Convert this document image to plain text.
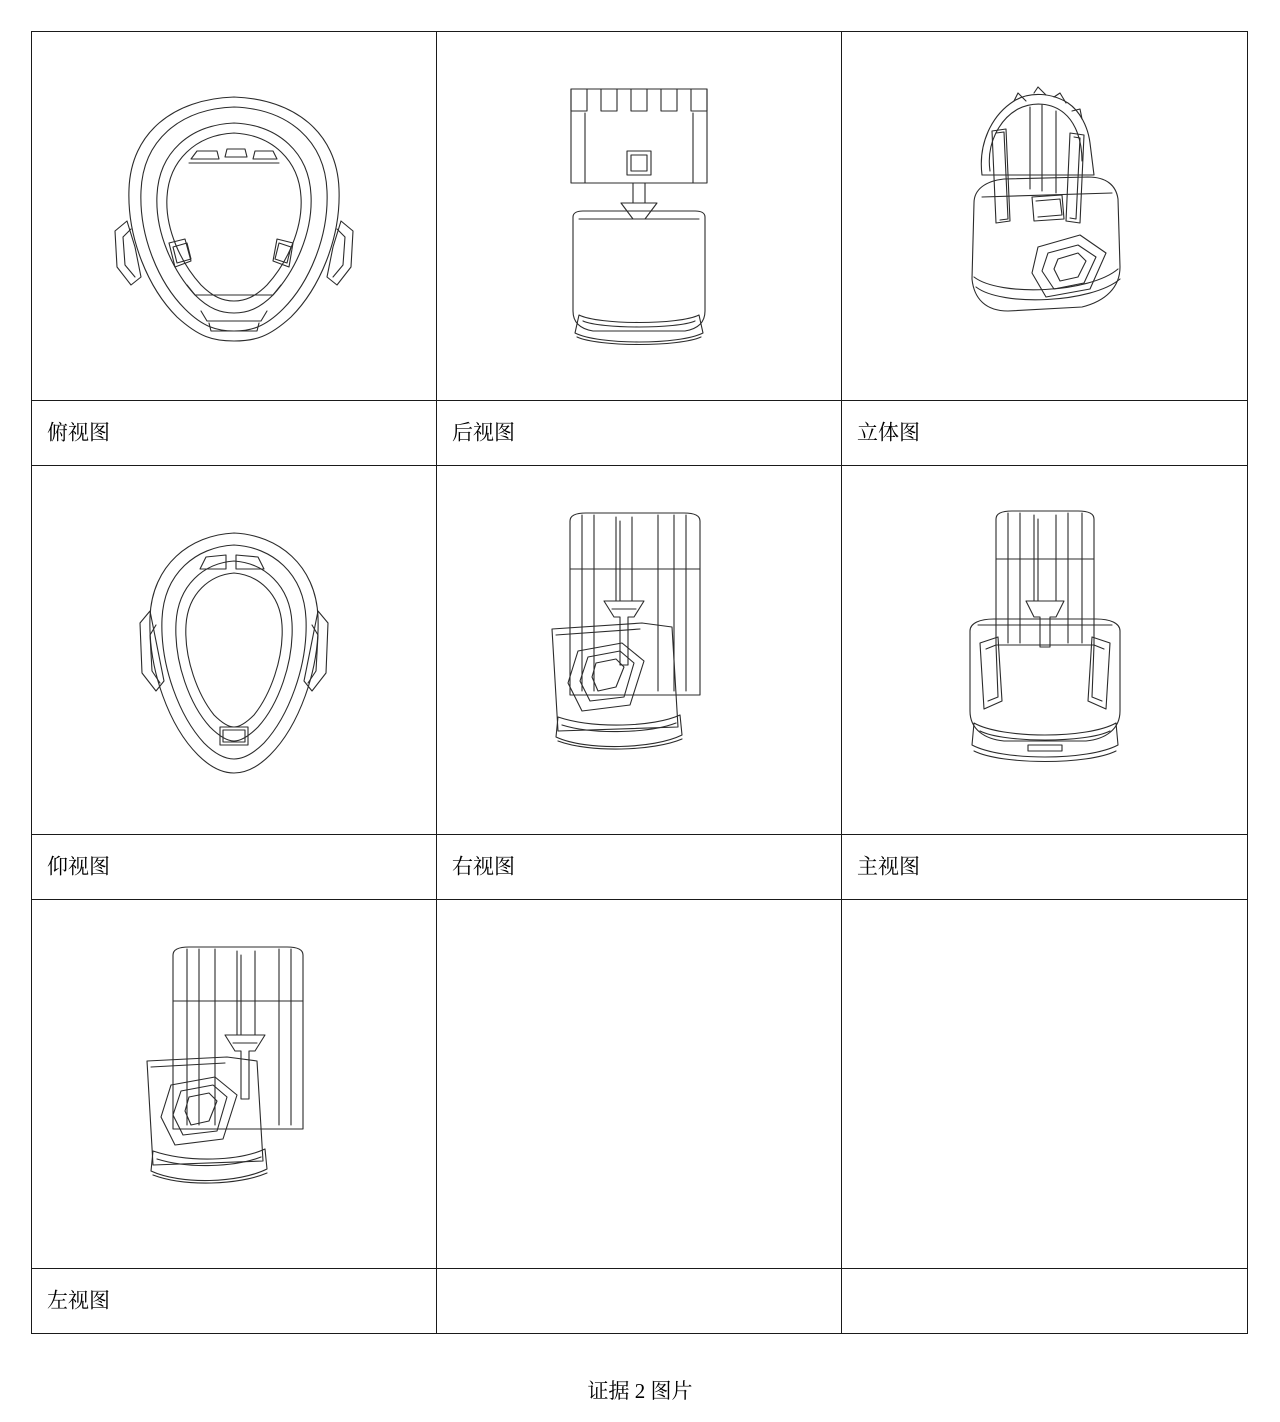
俯视图	后视图	立体图

仰视图	右视图	主视图

左视图		

证据 2 图片
